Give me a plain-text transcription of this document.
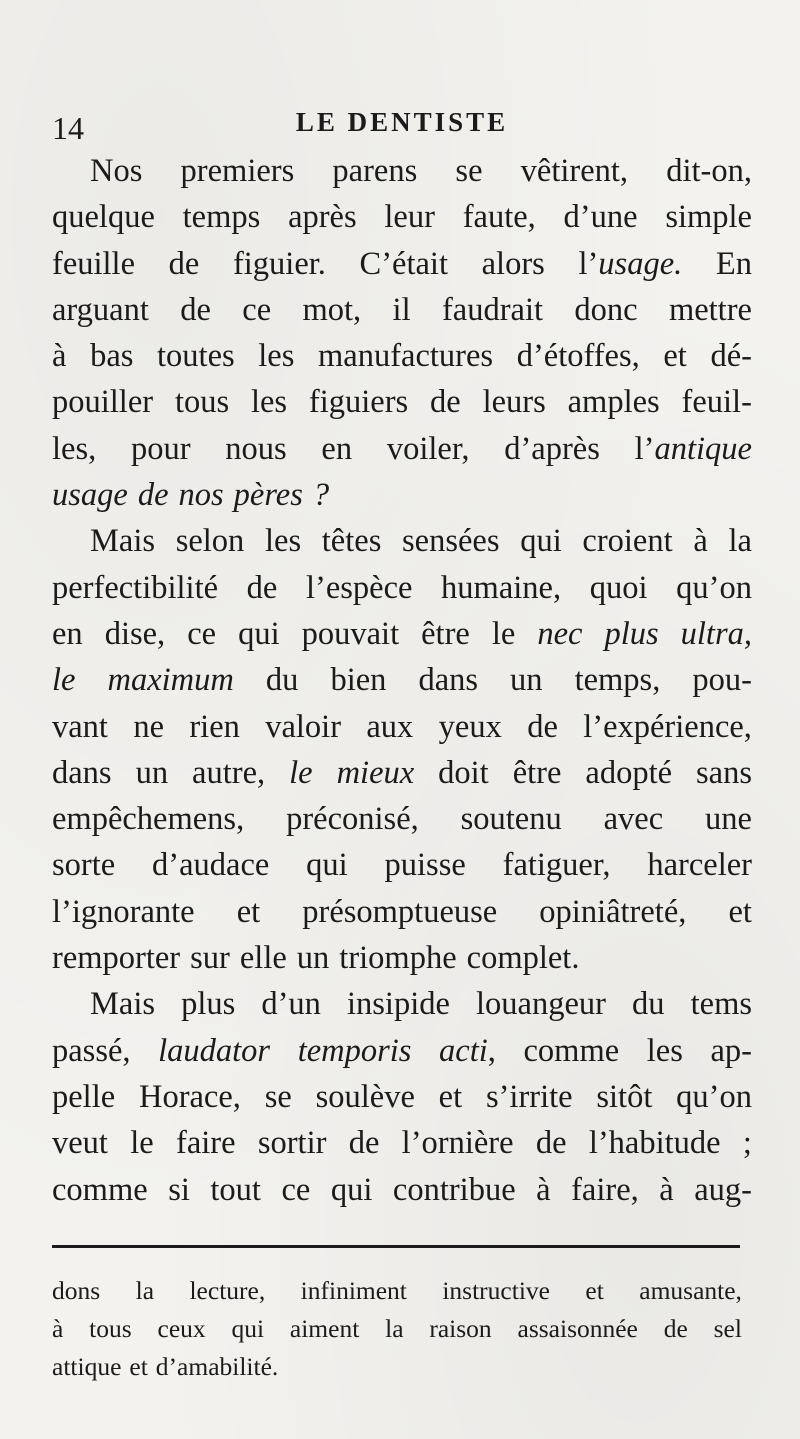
14	LE DENTISTE
Nos premiers parens se vêtirent, dit-on,
quelque temps après leur faute, d’une simple
feuille de figuier. C’était alors l’usage. En
arguant de ce mot, il faudrait donc mettre
à bas toutes les manufactures d’étoffes, et dé-
pouiller tous les figuiers de leurs amples feuil-
les, pour nous en voiler, d’après l’antique
usage de nos pères ?
Mais selon les têtes sensées qui croient à la
perfectibilité de l’espèce humaine, quoi qu’on
en dise, ce qui pouvait être le nec plus ultra,
le maximum du bien dans un temps, pou-
vant ne rien valoir aux yeux de l’expérience,
dans un autre, le mieux doit être adopté sans
empêchemens, préconisé, soutenu avec une
sorte d’audace qui puisse fatiguer, harceler
l’ignorante et présomptueuse opiniâtreté, et
remporter sur elle un triomphe complet.
Mais plus d’un insipide louangeur du tems
passé, laudator temporis acti, comme les ap-
pelle Horace, se soulève et s’irrite sitôt qu’on
veut le faire sortir de l’ornière de l’habitude ;
comme si tout ce qui contribue à faire, à aug-
dons la lecture, infiniment instructive et amusante,
à tous ceux qui aiment la raison assaisonnée de sel
attique et d’amabilité.
